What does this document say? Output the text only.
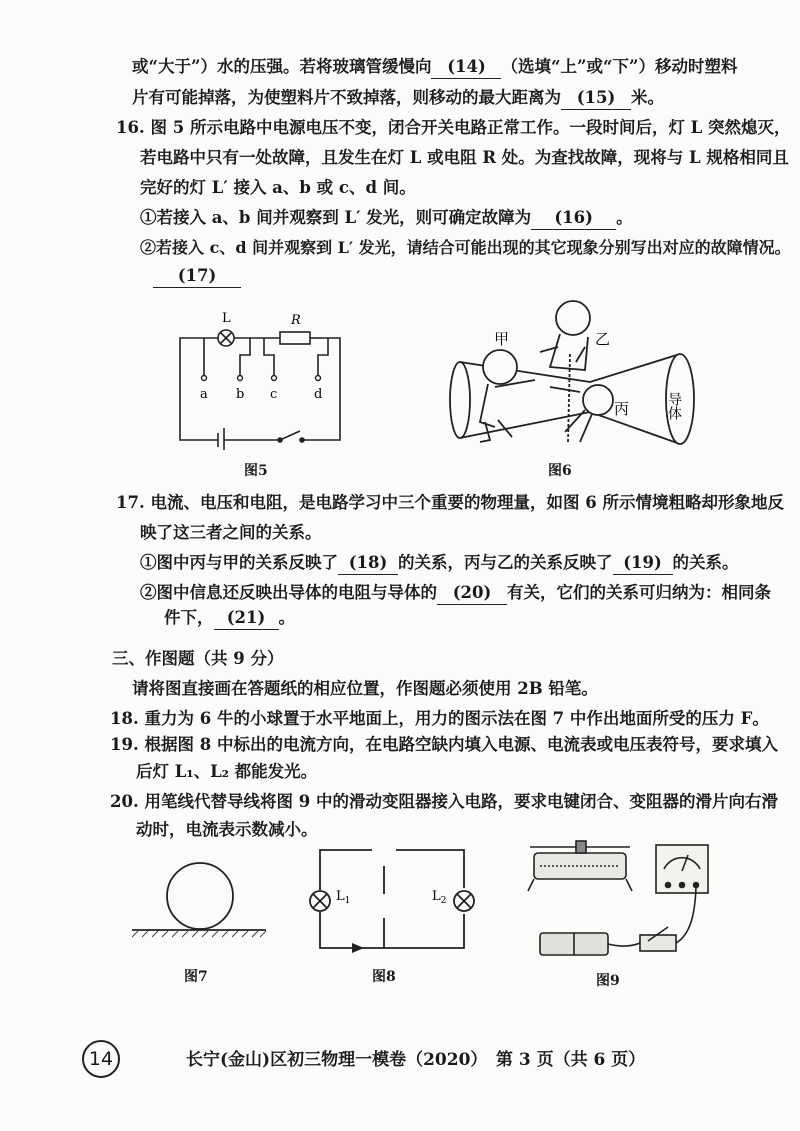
或“大于”）水的压强。若将玻璃管缓慢向 (14) （选填“上”或“下”）移动时塑料
片有可能掉落，为使塑料片不致掉落，则移动的最大距离为 (15) 米。
16. 图 5 所示电路中电源电压不变，闭合开关电路正常工作。一段时间后，灯 L 突然熄灭，
若电路中只有一处故障，且发生在灯 L 或电阻 R 处。为查找故障，现将与 L 规格相同且
完好的灯 L′ 接入 a、b 或 c、d 间。
①若接入 a、b 间并观察到 L′ 发光，则可确定故障为 (16) 。
②若接入 c、d 间并观察到 L′ 发光，请结合可能出现的其它现象分别写出对应的故障情况。
(17)
L	R
a b c	d
图5
甲	乙
丙	导体
图6
17. 电流、电压和电阻，是电路学习中三个重要的物理量，如图 6 所示情境粗略却形象地反
映了这三者之间的关系。
①图中丙与甲的关系反映了 (18) 的关系，丙与乙的关系反映了 (19) 的关系。
②图中信息还反映出导体的电阻与导体的 (20) 有关，它们的关系可归纳为：相同条
件下， (21) 。
三、作图题（共 9 分）
请将图直接画在答题纸的相应位置，作图题必须使用 2B 铅笔。
18. 重力为 6 牛的小球置于水平地面上，用力的图示法在图 7 中作出地面所受的压力 F。
19. 根据图 8 中标出的电流方向，在电路空缺内填入电源、电流表或电压表符号，要求填入
后灯 L₁、L₂ 都能发光。
20. 用笔线代替导线将图 9 中的滑动变阻器接入电路，要求电键闭合、变阻器的滑片向右滑
动时，电流表示数减小。
图7
$L_1$	$L_2$
图8	图9
14	长宁(金山)区初三物理一模卷（2020）　第 3 页（共 6 页）
